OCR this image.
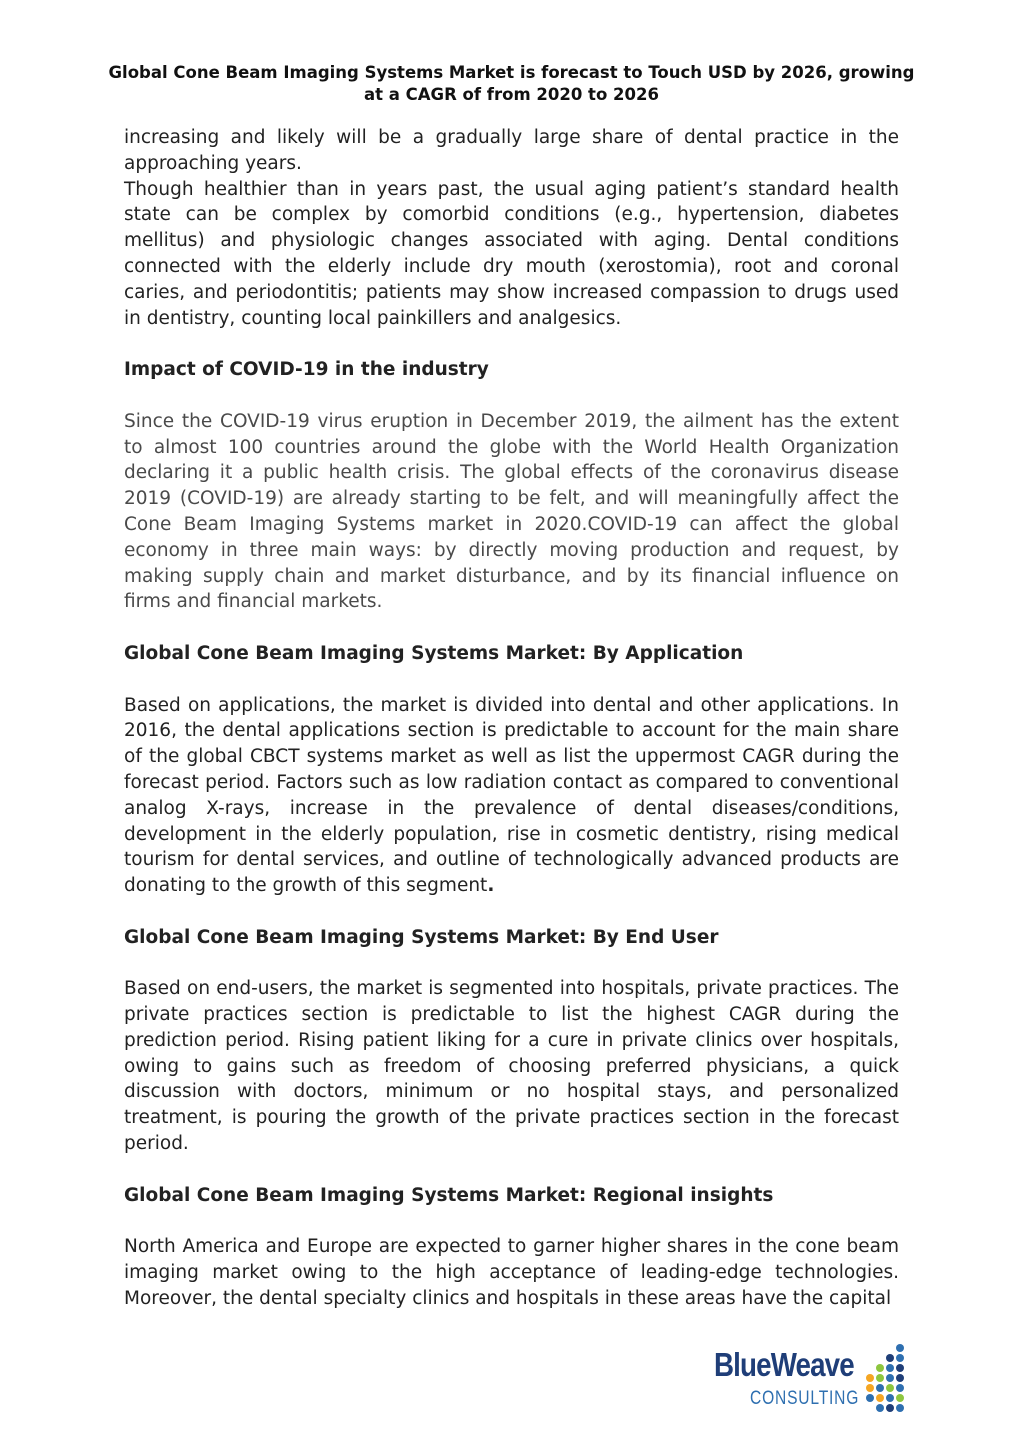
Global Cone Beam Imaging Systems Market is forecast to Touch USD by 2026, growing at a CAGR of from 2020 to 2026

increasing and likely will be a gradually large share of dental practice in the approaching years.

Though healthier than in years past, the usual aging patient’s standard health state can be complex by comorbid conditions (e.g., hypertension, diabetes mellitus) and physiologic changes associated with aging. Dental conditions connected with the elderly include dry mouth (xerostomia), root and coronal caries, and periodontitis; patients may show increased compassion to drugs used in dentistry, counting local painkillers and analgesics.

Impact of COVID-19 in the industry

Since the COVID-19 virus eruption in December 2019, the ailment has the extent to almost 100 countries around the globe with the World Health Organization declaring it a public health crisis. The global effects of the coronavirus disease 2019 (COVID-19) are already starting to be felt, and will meaningfully affect the Cone Beam Imaging Systems market in 2020.COVID-19 can affect the global economy in three main ways: by directly moving production and request, by making supply chain and market disturbance, and by its financial influence on firms and financial markets.

Global Cone Beam Imaging Systems Market: By Application

Based on applications, the market is divided into dental and other applications. In 2016, the dental applications section is predictable to account for the main share of the global CBCT systems market as well as list the uppermost CAGR during the forecast period. Factors such as low radiation contact as compared to conventional analog X-rays, increase in the prevalence of dental diseases/conditions, development in the elderly population, rise in cosmetic dentistry, rising medical tourism for dental services, and outline of technologically advanced products are donating to the growth of this segment.

Global Cone Beam Imaging Systems Market: By End User

Based on end-users, the market is segmented into hospitals, private practices. The private practices section is predictable to list the highest CAGR during the prediction period. Rising patient liking for a cure in private clinics over hospitals, owing to gains such as freedom of choosing preferred physicians, a quick discussion with doctors, minimum or no hospital stays, and personalized treatment, is pouring the growth of the private practices section in the forecast period.

Global Cone Beam Imaging Systems Market: Regional insights

North America and Europe are expected to garner higher shares in the cone beam imaging market owing to the high acceptance of leading-edge technologies. Moreover, the dental specialty clinics and hospitals in these areas have the capital

BlueWeave
CONSULTING
